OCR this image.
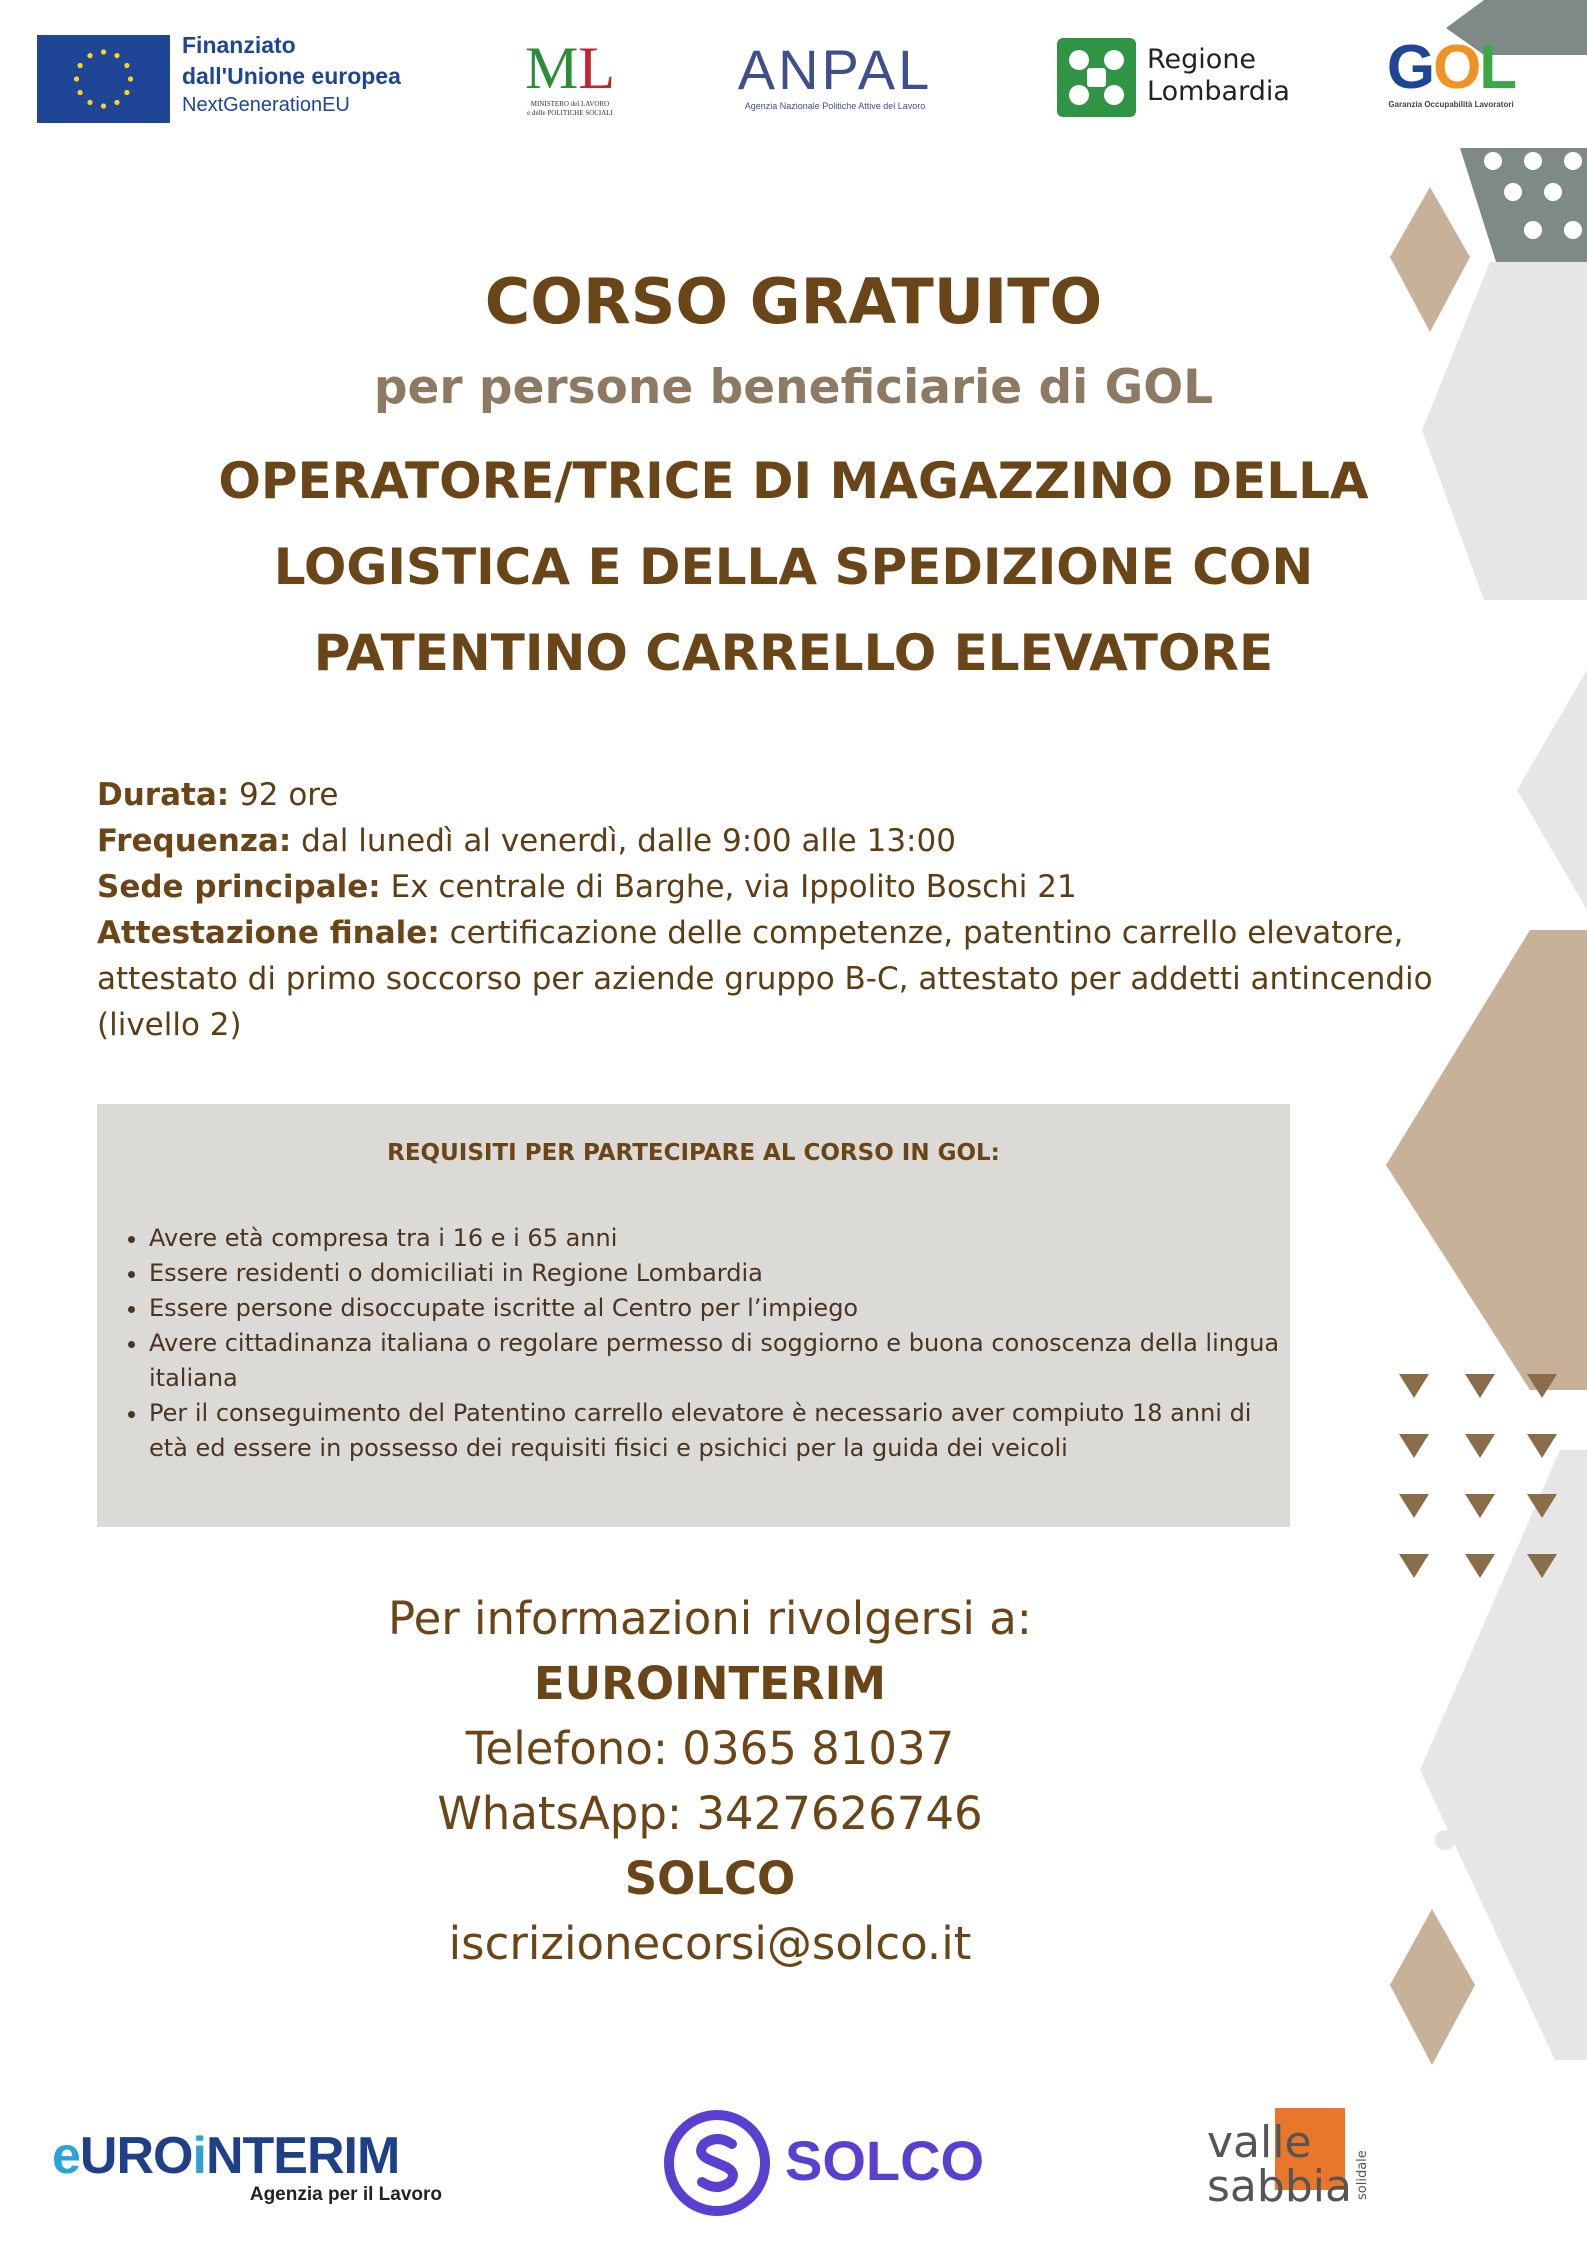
Finanziato
dall'Unione europea
NextGenerationEU
ML
MINISTERO del LAVORO
e delle POLITICHE SOCIALI
ANPAL
Agenzia Nazionale Politiche Attive del Lavoro
Regione
Lombardia	GOL
Garanzia Occupabilità Lavoratori
CORSO GRATUITO
per persone beneficiarie di GOL
OPERATORE/TRICE DI MAGAZZINO DELLA
LOGISTICA E DELLA SPEDIZIONE CON
PATENTINO CARRELLO ELEVATORE
Durata: 92 ore
Frequenza: dal lunedì al venerdì, dalle 9:00 alle 13:00
Sede principale: Ex centrale di Barghe, via Ippolito Boschi 21
Attestazione finale: certificazione delle competenze, patentino carrello elevatore, attestato di primo soccorso per aziende gruppo B-C, attestato per addetti antincendio (livello 2)
• Avere età compresa tra i 16 e i 65 anni
• Essere residenti o domiciliati in Regione Lombardia
• Essere persone disoccupate iscritte al Centro per l’impiego
• Avere cittadinanza italiana o regolare permesso di soggiorno e buona conoscenza della lingua italiana
• Per il conseguimento del Patentino carrello elevatore è necessario aver compiuto 18 anni di età ed essere in possesso dei requisiti fisici e psichici per la guida dei veicoli
REQUISITI PER PARTECIPARE AL CORSO IN GOL:
Per informazioni rivolgersi a:
EUROINTERIM
Telefono: 0365 81037
WhatsApp: 3427626746
SOLCO
iscrizionecorsi@solco.it
eUROiNTERIM
Agenzia per il Lavoro
SOLCO	valle
sabbia solidale
